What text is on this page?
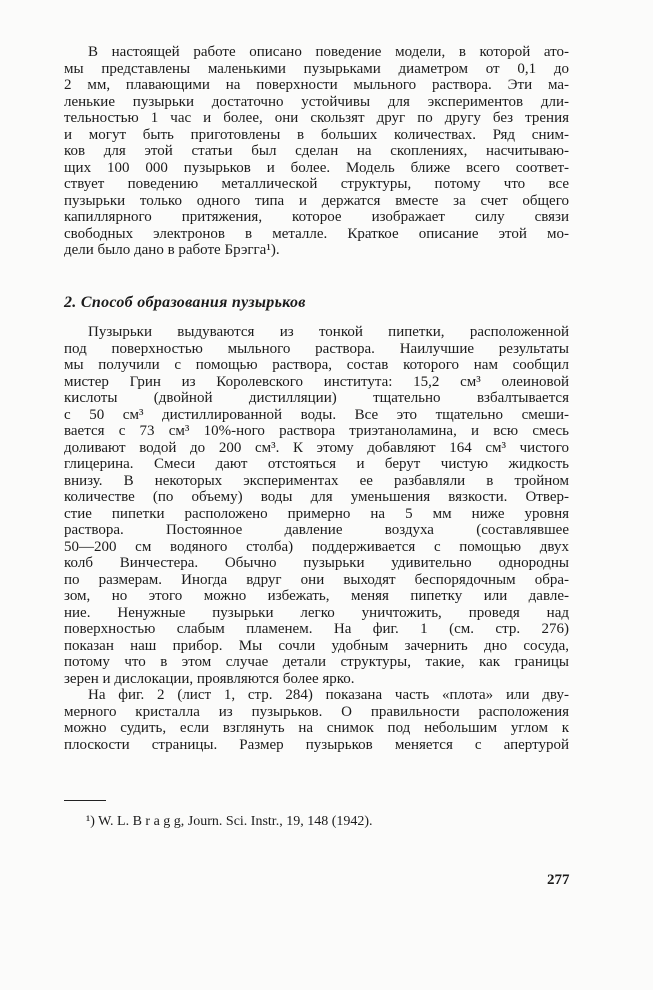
В настоящей работе описано поведение модели, в которой ато-
мы представлены маленькими пузырьками диаметром от 0,1 до
2 мм, плавающими на поверхности мыльного раствора. Эти ма-
ленькие пузырьки достаточно устойчивы для экспериментов дли-
тельностью 1 час и более, они скользят друг по другу без трения
и могут быть приготовлены в больших количествах. Ряд сним-
ков для этой статьи был сделан на скоплениях, насчитываю-
щих 100 000 пузырьков и более. Модель ближе всего соответ-
ствует поведению металлической структуры, потому что все
пузырьки только одного типа и держатся вместе за счет общего
капиллярного притяжения, которое изображает силу связи
свободных электронов в металле. Краткое описание этой мо-
дели было дано в работе Брэгга¹).
2. Способ образования пузырьков
Пузырьки выдуваются из тонкой пипетки, расположенной
под поверхностью мыльного раствора. Наилучшие результаты
мы получили с помощью раствора, состав которого нам сообщил
мистер Грин из Королевского института: 15,2 см³ олеиновой
кислоты (двойной дистилляции) тщательно взбалтывается
с 50 см³ дистиллированной воды. Все это тщательно смеши-
вается с 73 см³ 10%-ного раствора триэтаноламина, и всю смесь
доливают водой до 200 см³. К этому добавляют 164 см³ чистого
глицерина. Смеси дают отстояться и берут чистую жидкость
внизу. В некоторых экспериментах ее разбавляли в тройном
количестве (по объему) воды для уменьшения вязкости. Отвер-
стие пипетки расположено примерно на 5 мм ниже уровня
раствора. Постоянное давление воздуха (составлявшее
50—200 см водяного столба) поддерживается с помощью двух
колб Винчестера. Обычно пузырьки удивительно однородны
по размерам. Иногда вдруг они выходят беспорядочным обра-
зом, но этого можно избежать, меняя пипетку или давле-
ние. Ненужные пузырьки легко уничтожить, проведя над
поверхностью слабым пламенем. На фиг. 1 (см. стр. 276)
показан наш прибор. Мы сочли удобным зачернить дно сосуда,
потому что в этом случае детали структуры, такие, как границы
зерен и дислокации, проявляются более ярко.
На фиг. 2 (лист 1, стр. 284) показана часть «плота» или дву-
мерного кристалла из пузырьков. О правильности расположения
можно судить, если взглянуть на снимок под небольшим углом к
плоскости страницы. Размер пузырьков меняется с апертурой
¹) W. L. B r a g g, Journ. Sci. Instr., 19, 148 (1942).
277
